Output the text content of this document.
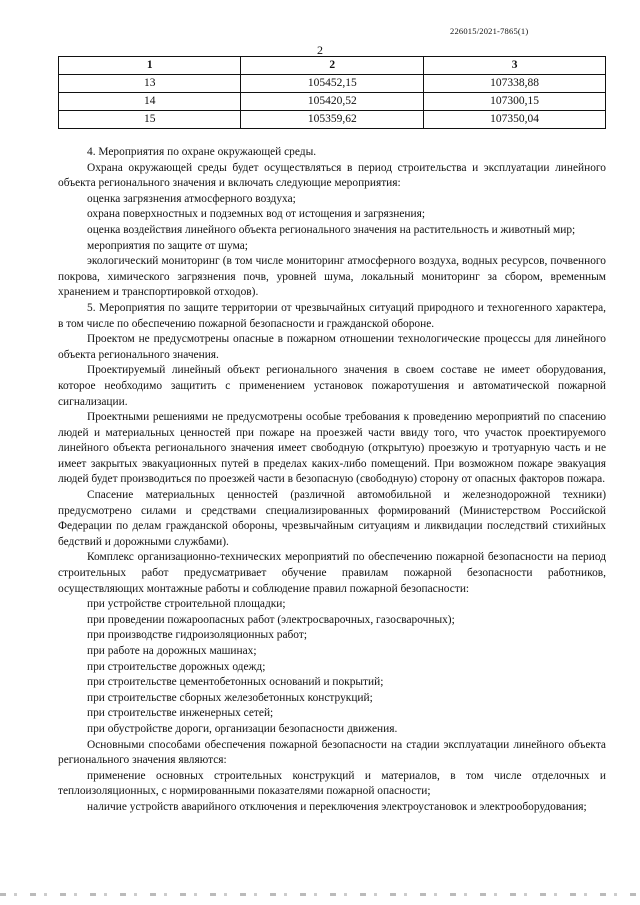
226015/2021-7865(1)
2
1	2	3
13	105452,15	107338,88
14	105420,52	107300,15
15	105359,62	107350,04

4. Мероприятия по охране окружающей среды.

Охрана окружающей среды будет осуществляться в период строительства и эксплуатации линейного объекта регионального значения и включать следующие мероприятия:

оценка загрязнения атмосферного воздуха;

охрана поверхностных и подземных вод от истощения и загрязнения;

оценка воздействия линейного объекта регионального значения на растительность и животный мир;

мероприятия по защите от шума;

экологический мониторинг (в том числе мониторинг атмосферного воздуха, водных ресурсов, почвенного покрова, химического загрязнения почв, уровней шума, локальный мониторинг за сбором, временным хранением и транспортировкой отходов).

5. Мероприятия по защите территории от чрезвычайных ситуаций природного и техногенного характера, в том числе по обеспечению пожарной безопасности и гражданской обороне.

Проектом не предусмотрены опасные в пожарном отношении технологические процессы для линейного объекта регионального значения.

Проектируемый линейный объект регионального значения в своем составе не имеет оборудования, которое необходимо защитить с применением установок пожаротушения и автоматической пожарной сигнализации.

Проектными решениями не предусмотрены особые требования к проведению мероприятий по спасению людей и материальных ценностей при пожаре на проезжей части ввиду того, что участок проектируемого линейного объекта регионального значения имеет свободную (открытую) проезжую и тротуарную часть и не имеет закрытых эвакуационных путей в пределах каких-либо помещений. При возможном пожаре эвакуация людей будет производиться по проезжей части в безопасную (свободную) сторону от опасных факторов пожара.

Спасение материальных ценностей (различной автомобильной и железнодорожной техники) предусмотрено силами и средствами специализированных формирований (Министерством Российской Федерации по делам гражданской обороны, чрезвычайным ситуациям и ликвидации последствий стихийных бедствий и дорожными службами).

Комплекс организационно-технических мероприятий по обеспечению пожарной безопасности на период строительных работ предусматривает обучение правилам пожарной безопасности работников, осуществляющих монтажные работы и соблюдение правил пожарной безопасности:

при устройстве строительной площадки;

при проведении пожароопасных работ (электросварочных, газосварочных);

при производстве гидроизоляционных работ;

при работе на дорожных машинах;

при строительстве дорожных одежд;

при строительстве цементобетонных оснований и покрытий;

при строительстве сборных железобетонных конструкций;

при строительстве инженерных сетей;

при обустройстве дороги, организации безопасности движения.

Основными способами обеспечения пожарной безопасности на стадии эксплуатации линейного объекта регионального значения являются:

применение основных строительных конструкций и материалов, в том числе отделочных и теплоизоляционных, с нормированными показателями пожарной опасности;

наличие устройств аварийного отключения и переключения электроустановок и электрооборудования;
